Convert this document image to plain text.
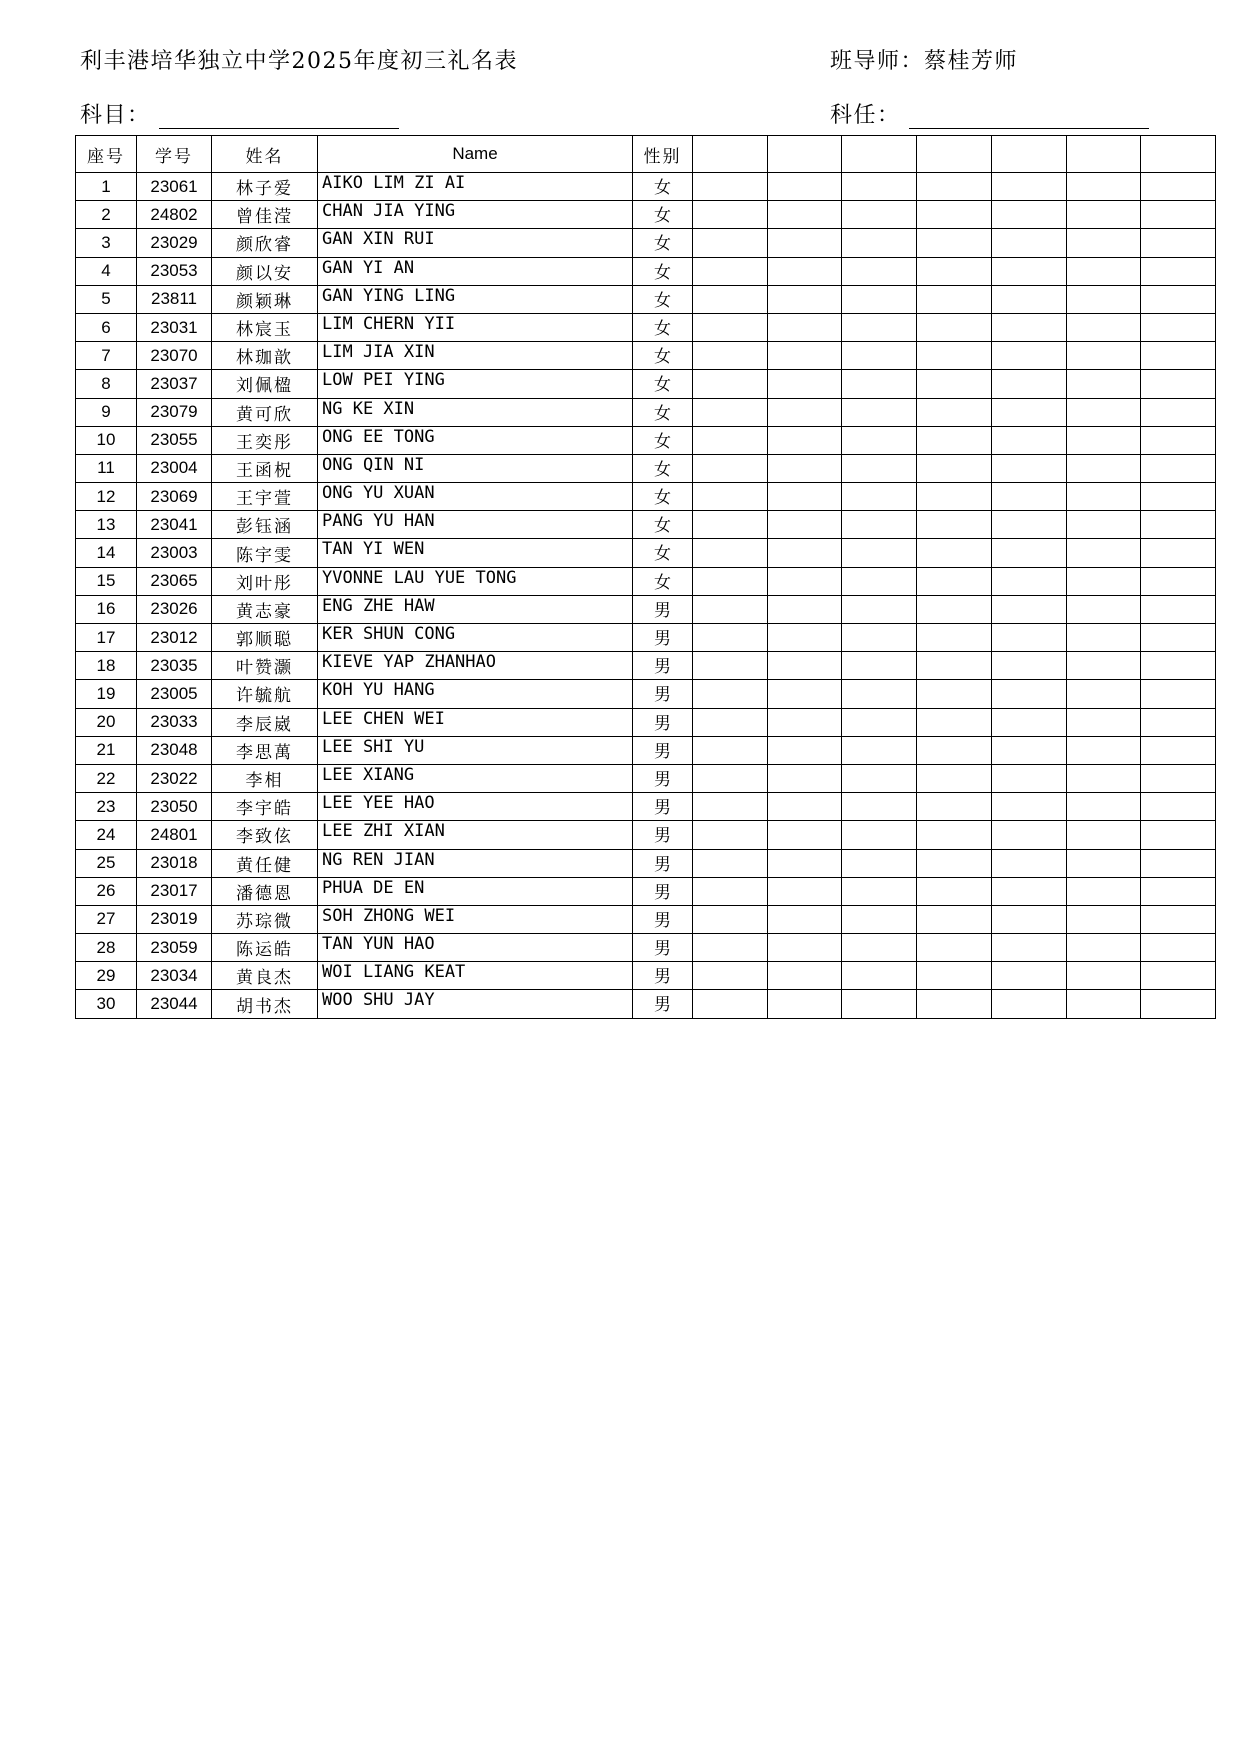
利丰港培华独立中学2025年度初三礼名表	班导师：蔡桂芳师
科目：	科任：
座号	学号	姓名	Name	性别							
1	23061	林子爱	AIKO LIM ZI AI	女							
2	24802	曾佳滢	CHAN JIA YING	女							
3	23029	颜欣睿	GAN XIN RUI	女							
4	23053	颜以安	GAN YI AN	女							
5	23811	颜颖琳	GAN YING LING	女							
6	23031	林宸玉	LIM CHERN YII	女							
7	23070	林珈歆	LIM JIA XIN	女							
8	23037	刘佩楹	LOW PEI YING	女							
9	23079	黄可欣	NG KE XIN	女							
10	23055	王奕彤	ONG EE TONG	女							
11	23004	王函柷	ONG QIN NI	女							
12	23069	王宇萱	ONG YU XUAN	女							
13	23041	彭钰涵	PANG YU HAN	女							
14	23003	陈宇雯	TAN YI WEN	女							
15	23065	刘叶彤	YVONNE LAU YUE TONG	女							
16	23026	黄志豪	ENG ZHE HAW	男							
17	23012	郭顺聪	KER SHUN CONG	男							
18	23035	叶赞灏	KIEVE YAP ZHANHAO	男							
19	23005	许毓航	KOH YU HANG	男							
20	23033	李辰崴	LEE CHEN WEI	男							
21	23048	李思萬	LEE SHI YU	男							
22	23022	李相	LEE XIANG	男							
23	23050	李宇皓	LEE YEE HAO	男							
24	24801	李致伭	LEE ZHI XIAN	男							
25	23018	黄任健	NG REN JIAN	男							
26	23017	潘德恩	PHUA DE EN	男							
27	23019	苏琮微	SOH ZHONG WEI	男							
28	23059	陈运皓	TAN YUN HAO	男							
29	23034	黄良杰	WOI LIANG KEAT	男							
30	23044	胡书杰	WOO SHU JAY	男							
